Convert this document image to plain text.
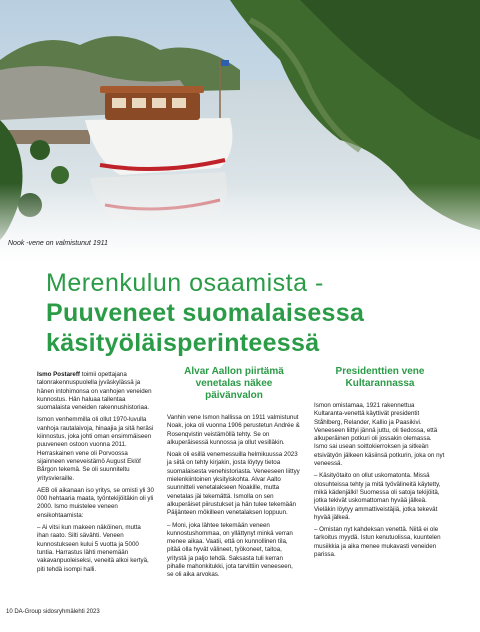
Nook -vene on valmistunut 1911
Merenkulun osaamista -
Puuveneet suomalaisessa
käsityöläisperinteessä

Ismo Postareff toimii opettajana talonrakennuspuolella jyväskylässä ja hänen intohimonsa on vanhojen veneiden kunnostus. Hän haluaa tallentaa suomalaista veneiden rakennushistoriaa.

Ismon venhemmilla oli ollut 1970-luvulla vanhoja rautalaivoja, hinaajia ja sitä heräsi kiinnostus, joka johti oman ensimmäiseen puuveneen ostoon vuonna 2011. Herraskainen vene oli Porvoossa sijainneen veneveistämö August Eklöf Bårgon tekemä. Se oli suunniteltu yritysvieraille.

AEB oli aikanaan iso yritys, se omisti yli 30 000 hehtaaria maata, työntekijöitäkin oli yli 2000. Ismo muistelee veneen ensikohtaamista:

– Ai vitsi kun makeen näköinen, mutta ihan raato. Silti sävähti. Veneen kunnostukseen kului 5 vuotta ja 5000 tuntia. Harrastus lähti menemään vakavanpuoleiseksi, veneitä alkoi kertyä, piti tehdä isompi halli.

Alvar Aallon piirtämä venetalas näkee päivänvalon

Vanhin vene Ismon hallissa on 1911 valmistunut Noak, joka oli vuonna 1906 perustetun Andrée & Rosenqvistin veistämöllä tehty. Se on alkuperäisessä kunnossa ja ollut vesilläkin.

Noak oli esillä venemessuilla helmikuussa 2023 ja siitä on tehty kirjakin, josta löytyy tietoa suomalaisesta venehistoriasta. Veneeseen liittyy mielenkiintoinen yksityiskohta. Alvar Aalto suunnitteli venetalakseen Noakille, mutta venetalas jäi tekemättä. Ismolla on sen alkuperäiset piirustukset ja hän tulee tekemään Päijänteen mökilleen venetalaksen loppuun.

– Moni, joka lähtee tekemään veneen kunnostushommaa, on yllättynyt minkä verran menee aikaa. Vaatii, että on kunnollinen tila, pitää olla hyvät välineet, työkoneet, taitoa, yritystä ja paljo tehdä. Saksasta tuli kerran pihalle mahonkitukki, jota tarvittiin veneeseen, se oli aika arvokas.

Presidenttien vene Kultarannassa

Ismon omistamaa, 1921 rakennettua Kultaranta-venettä käyttivät presidentit Ståhlberg, Relander, Kallio ja Paasikivi. Veneeseen liittyi jännä juttu, oli tiedossa, että alkuperäinen potkuri oli jossakin olemassa. Ismo sai usean soittokierroksen ja sitkeän etsivätyön jälkeen käsiinsä potkurin, joka on nyt veneessä.

– Käsityötaito on ollut uskomatonta. Missä olosuhteissa tehty ja mitä työvälineitä käytetty, mikä kädenjälki! Suomessa oli satoja tekijöitä, jotka tekivät uskomattoman hyvää jälkeä. Vieläkin löytyy ammattiveistäjiä, jotka tekevät hyvää jälkeä.

– Omistan nyt kahdeksan venettä. Niitä ei ole tarkoitus myydä. Istun kenutuolissa, kuuntelen musiikkia ja aika menee mukavasti veneiden parissa.

10 DA-Group sidosryhmälehti 2023
